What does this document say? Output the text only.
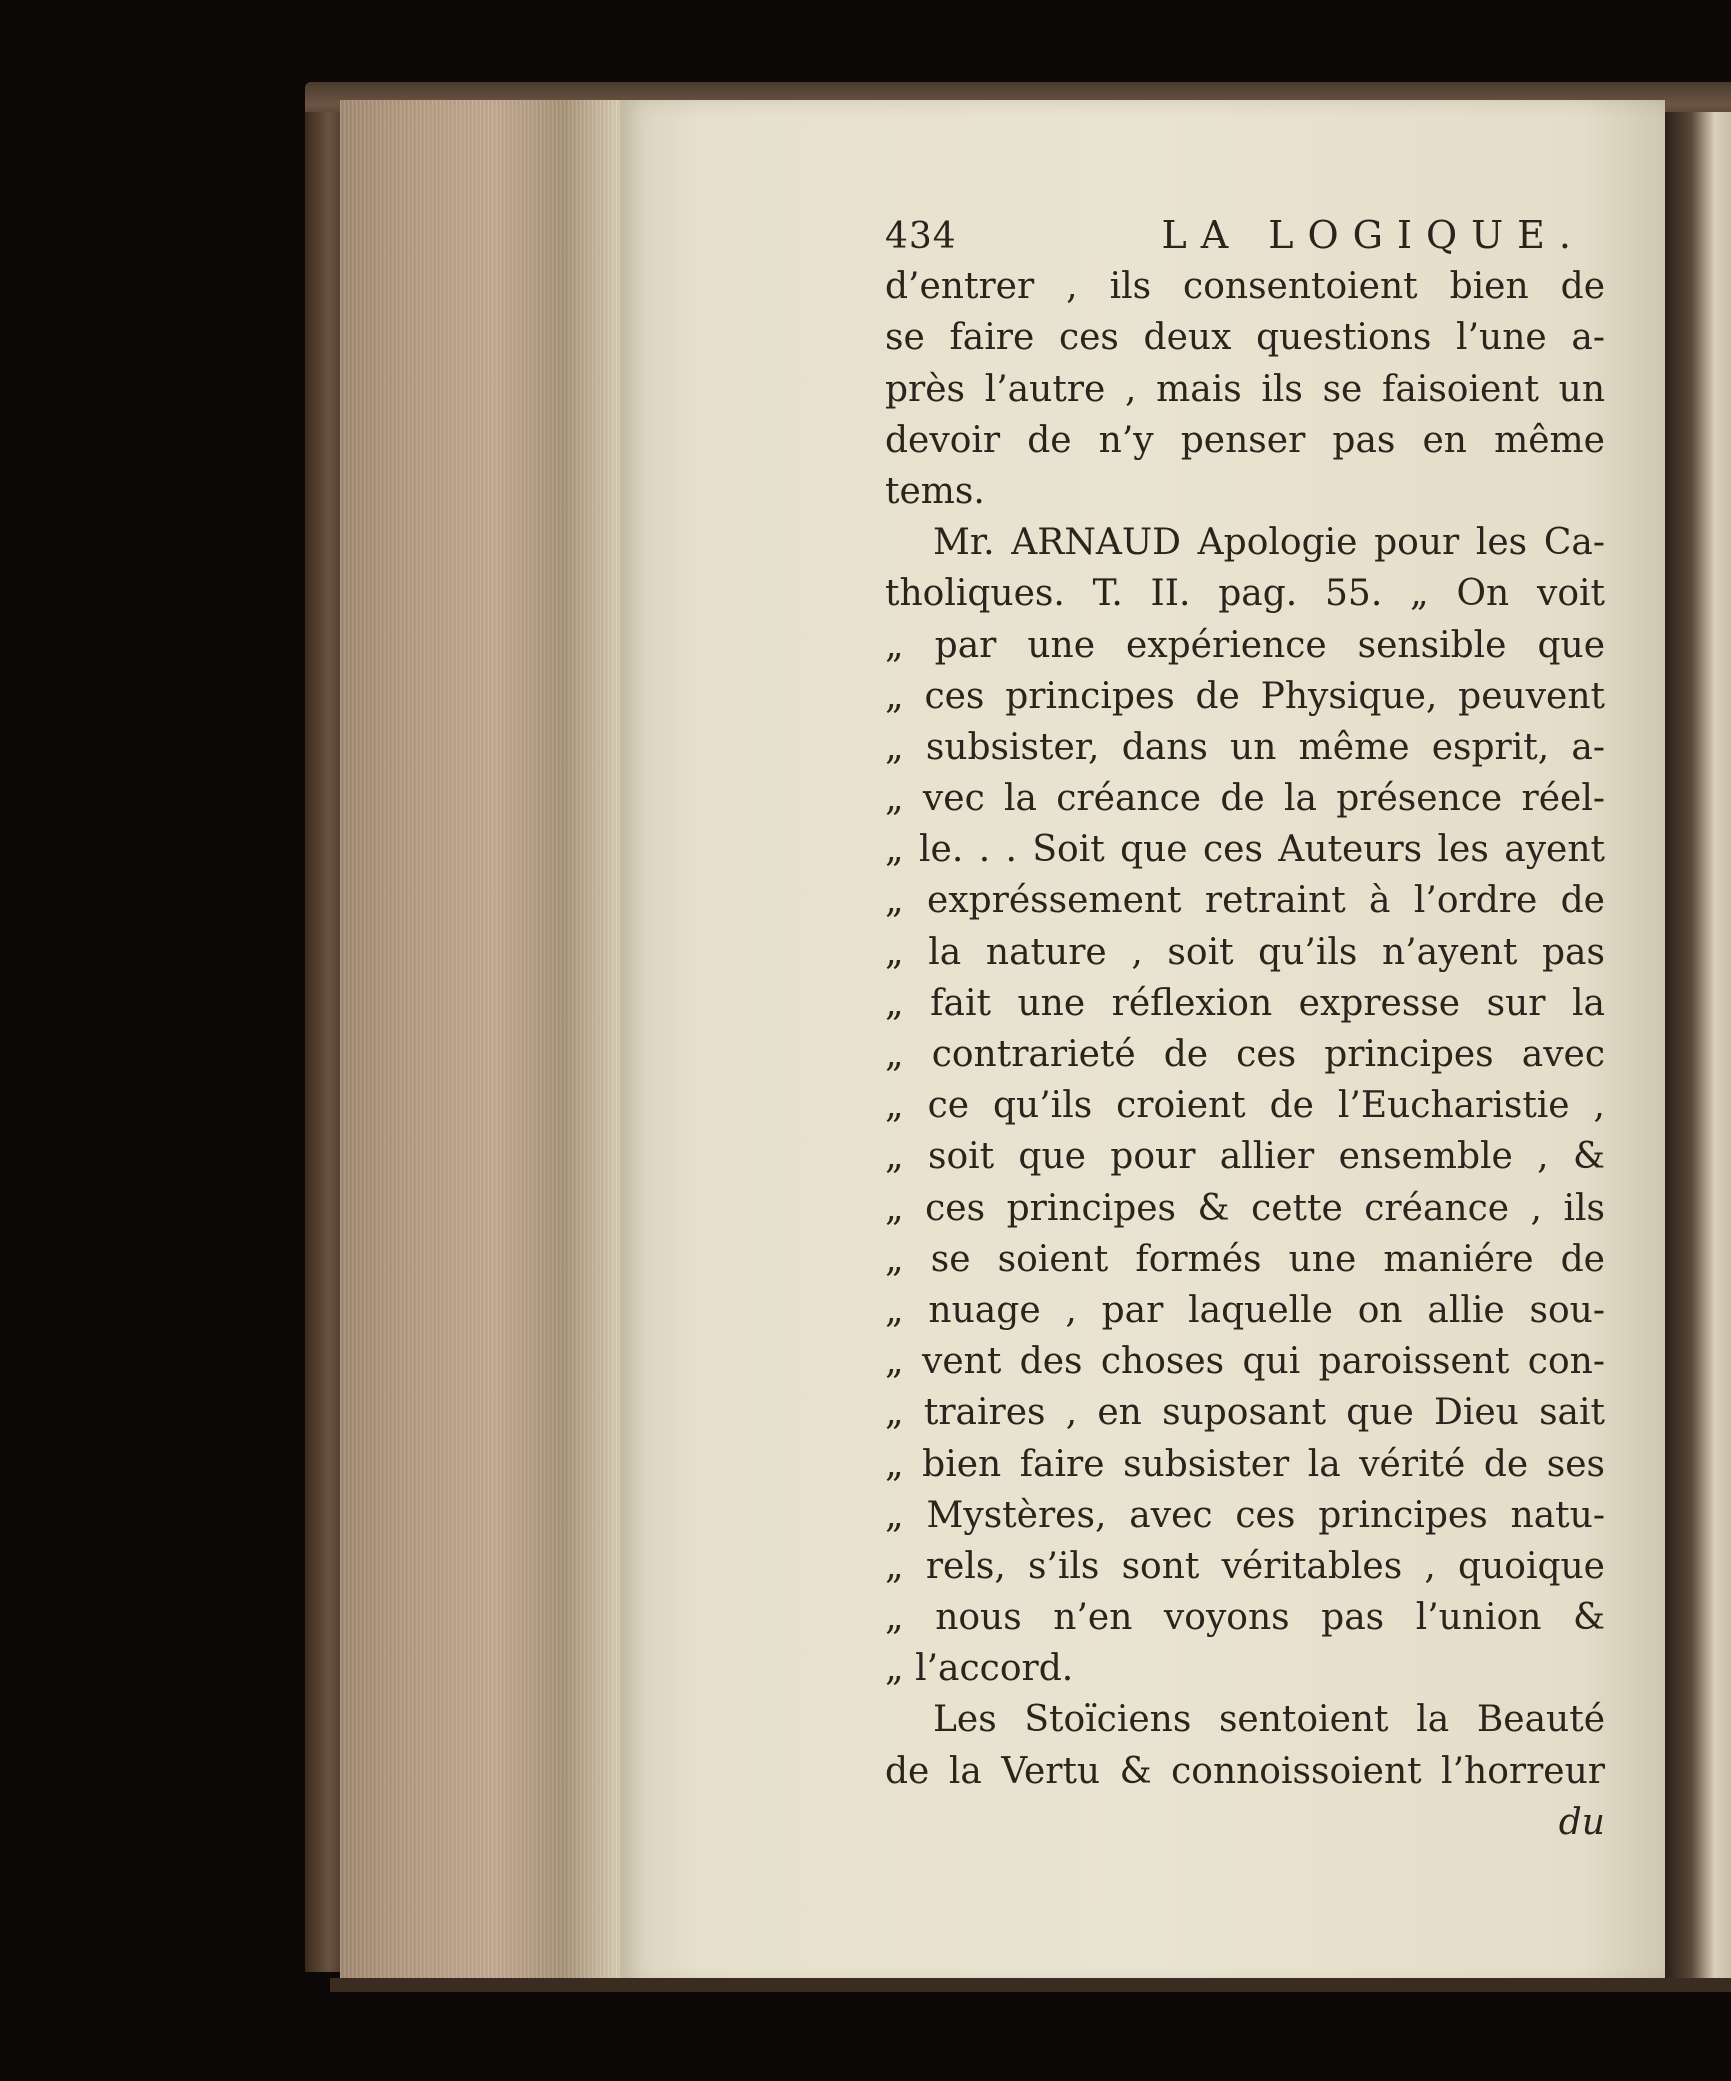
434	LA LOGIQUE.
d’entrer , ils consentoient bien de
se faire ces deux questions l’une a-
près l’autre , mais ils se faisoient un
devoir de n’y penser pas en même
tems.
Mr. ARNAUD Apologie pour les Ca-
tholiques. T. II. pag. 55. „ On voit
„ par une expérience sensible que
„ ces principes de Physique, peuvent
„ subsister, dans un même esprit, a-
„ vec la créance de la présence réel-
„ le. . . Soit que ces Auteurs les ayent
„ expréssement retraint à l’ordre de
„ la nature , soit qu’ils n’ayent pas
„ fait une réflexion expresse sur la
„ contrarieté de ces principes avec
„ ce qu’ils croient de l’Eucharistie ,
„ soit que pour allier ensemble , &
„ ces principes & cette créance , ils
„ se soient formés une maniére de
„ nuage , par laquelle on allie sou-
„ vent des choses qui paroissent con-
„ traires , en suposant que Dieu sait
„ bien faire subsister la vérité de ses
„ Mystères, avec ces principes natu-
„ rels, s’ils sont véritables , quoique
„ nous n’en voyons pas l’union &
„ l’accord.
Les Stoïciens sentoient la Beauté
de la Vertu & connoissoient l’horreur
du
